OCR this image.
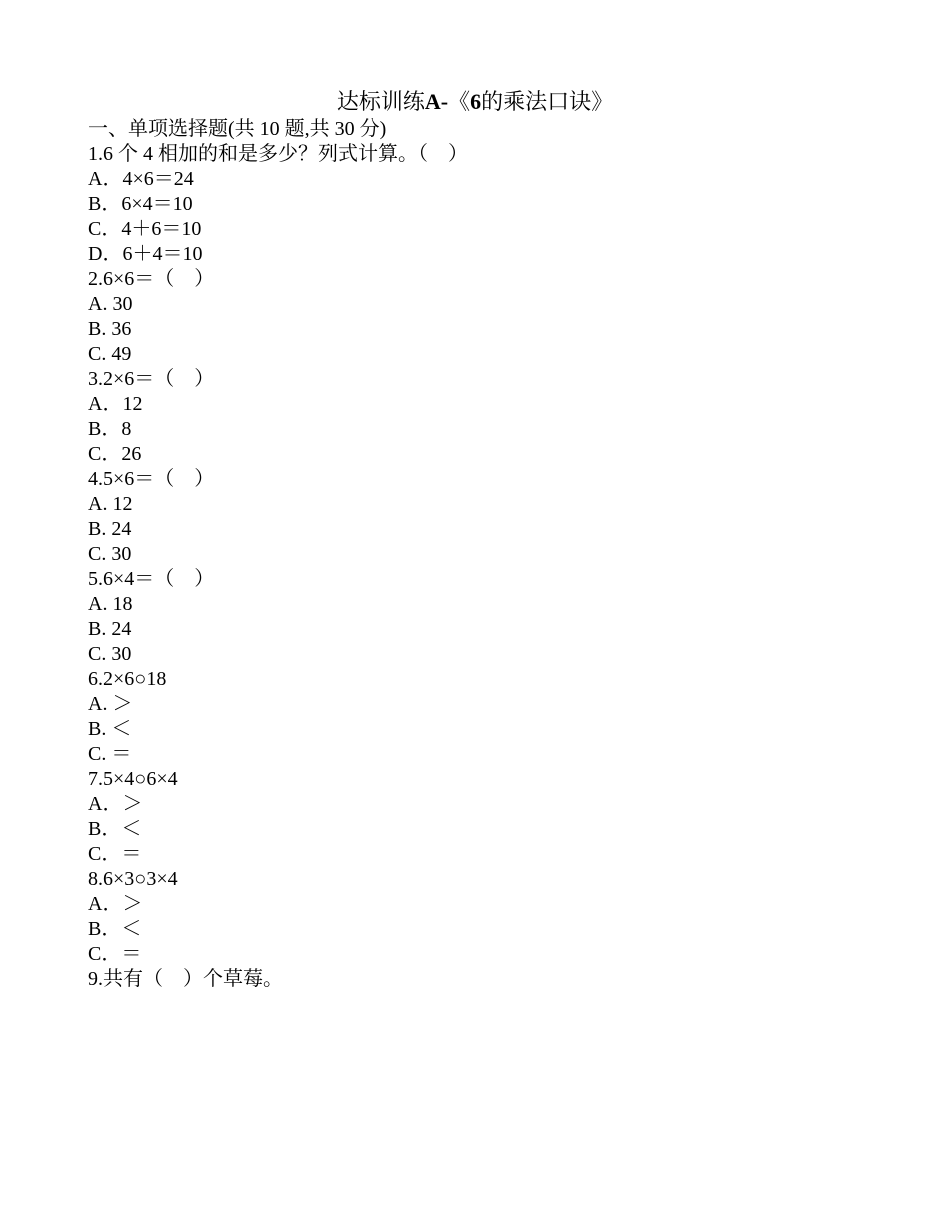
达标训练A-《6的乘法口诀》
一、单项选择题(共 10 题,共 30 分)
1.6 个 4 相加的和是多少？列式计算。（　）
A．4×6＝24
B．6×4＝10
C．4＋6＝10
D．6＋4＝10
2.6×6＝（　）
A. 30
B. 36
C. 49
3.2×6＝（　）
A．12
B．8
C．26
4.5×6＝（　）
A. 12
B. 24
C. 30
5.6×4＝（　）
A. 18
B. 24
C. 30
6.2×6○18
A. ＞
B. ＜
C. ＝
7.5×4○6×4
A．＞
B．＜
C．＝
8.6×3○3×4
A．＞
B．＜
C．＝
9.共有（　）个草莓。
